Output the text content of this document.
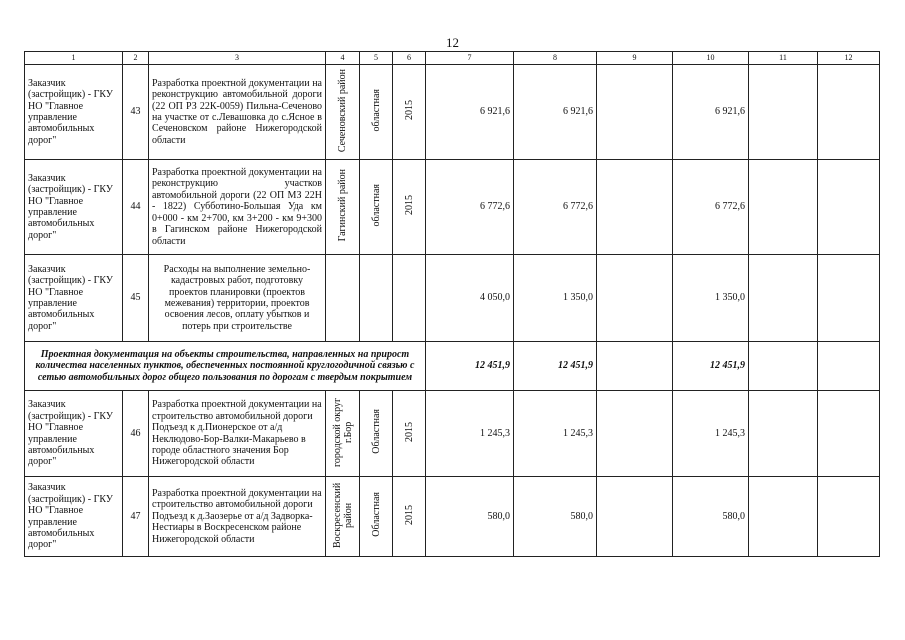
12
1	2	3	4	5	6	7	8	9	10	11	12
Заказчик (застройщик) - ГКУ НО "Главное управление автомобильных дорог"	43	Разработка проектной документации на реконструкцию автомобильной дороги (22 ОП РЗ 22К-0059) Пильна-Сеченово на участке от с.Левашовка до с.Ясное в Сеченовском районе Нижегородской области	Сеченовский район	областная	2015	6 921,6	6 921,6		6 921,6		
Заказчик (застройщик) - ГКУ НО "Главное управление автомобильных дорог"	44	Разработка проектной документации на реконструкцию участков автомобильной дороги (22 ОП МЗ 22Н - 1822) Субботино-Большая Уда км 0+000 - км 2+700, км 3+200 - км 9+300 в Гагинском районе Нижегородской области	Гагинский район	областная	2015	6 772,6	6 772,6		6 772,6		
Заказчик (застройщик) - ГКУ НО "Главное управление автомобильных дорог"	45	Расходы на выполнение земельно-кадастровых работ, подготовку проектов планировки (проектов межевания) территории, проектов освоения лесов, оплату убытков и потерь при строительстве				4 050,0	1 350,0		1 350,0		
Проектная документация на объекты строительства, направленных на прирост количества населенных пунктов, обеспеченных постоянной круглогодичной связью с сетью автомобильных дорог общего пользования по дорогам с твердым покрытием						12 451,9	12 451,9		12 451,9		
Заказчик (застройщик) - ГКУ НО "Главное управление автомобильных дорог"	46	Разработка проектной документации на строительство автомобильной дороги Подъезд к д.Пионерское от а/д Неклюдово-Бор-Валки-Макарьево в городе областного значения Бор Нижегородской области	городской округ г.Бор	Областная	2015	1 245,3	1 245,3		1 245,3		
Заказчик (застройщик) - ГКУ НО "Главное управление автомобильных дорог"	47	Разработка проектной документации на строительство автомобильной дороги Подъезд к д.Заозерье от а/д Задворка-Нестиары в Воскресенском районе Нижегородской области	Воскресенский район	Областная	2015	580,0	580,0		580,0		
